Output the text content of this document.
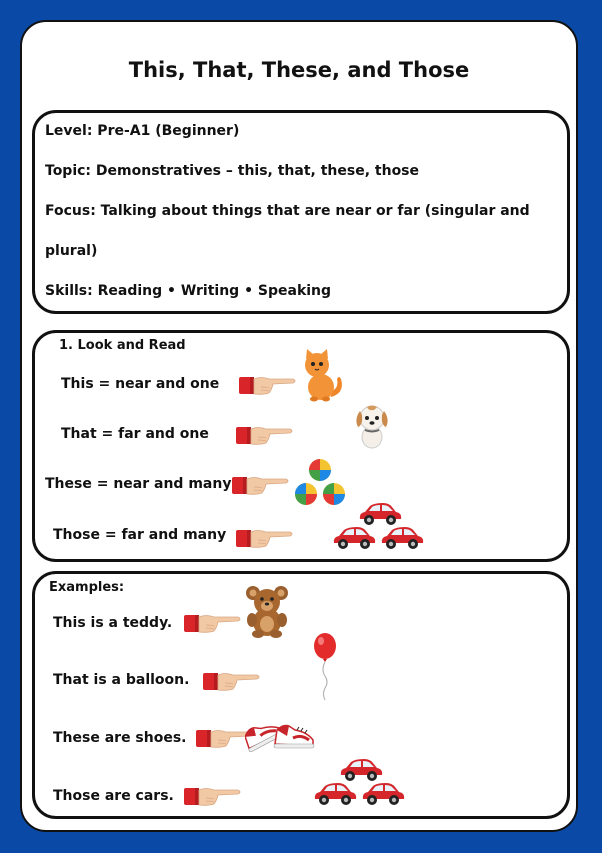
This, That, These, and Those
Level: Pre-A1 (Beginner)
Topic: Demonstratives – this, that, these, those
Focus: Talking about things that are near or far (singular and
plural)
Skills: Reading • Writing • Speaking
1. Look and Read
This = near and one
That = far and one
These = near and many
Those = far and many
Examples:
This is a teddy.
That is a balloon.
These are shoes.
Those are cars.
